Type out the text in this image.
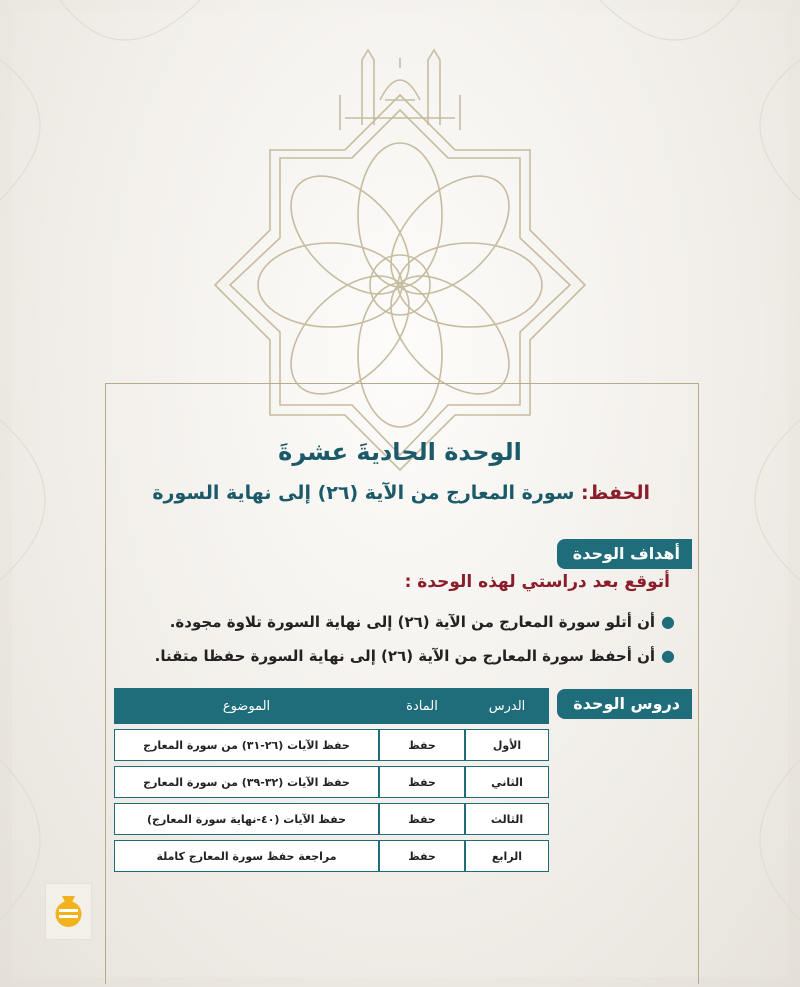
الوحدة الحاديةَ عشرةَ
الحفظ: سورة المعارج من الآية (٢٦) إلى نهاية السورة
أهداف الوحدة
أتوقع بعد دراستي لهذه الوحدة :
●أن أتلو سورة المعارج من الآية (٢٦) إلى نهاية السورة تلاوة مجودة.
●أن أحفظ سورة المعارج من الآية (٢٦) إلى نهاية السورة حفظا متقنا.
دروس الوحدة
الدرس	المادة	الموضوع

الأول	حفظ	حفظ الآيات (٢٦-٣١) من سورة المعارج

الثاني	حفظ	حفظ الآيات (٣٢-٣٩) من سورة المعارج

الثالث	حفظ	حفظ الآيات (٤٠-نهاية سورة المعارج)

الرابع	حفظ	مراجعة حفظ سورة المعارج كاملة
